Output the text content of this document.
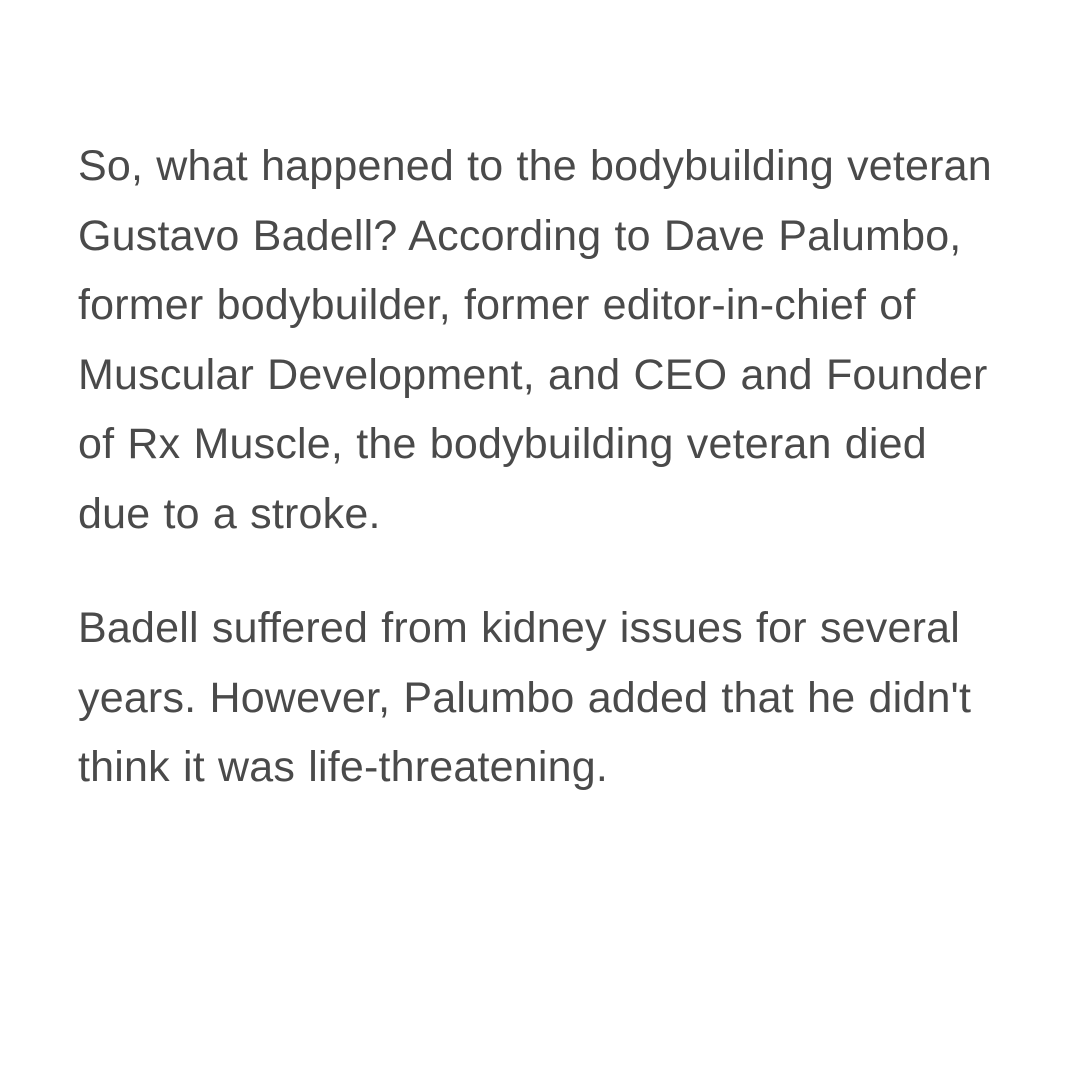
So, what happened to the bodybuilding veteran Gustavo Badell? According to Dave Palumbo, former bodybuilder, former editor-in-chief of Muscular Development, and CEO and Founder of Rx Muscle, the bodybuilding veteran died due to a stroke.

Badell suffered from kidney issues for several years. However, Palumbo added that he didn't think it was life-threatening.
